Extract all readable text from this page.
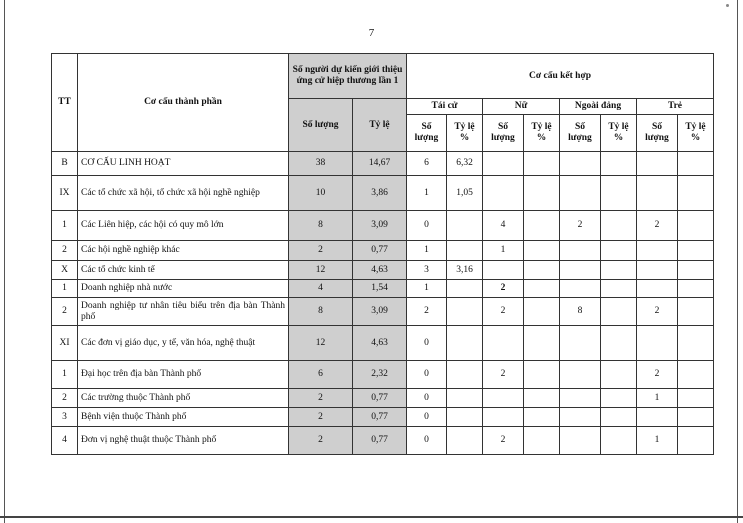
7
TT	Cơ cấu thành phần	Số người dự kiến giới thiệu ứng cử hiệp thương lần 1		Cơ cấu kết hợp							
		Số lượng	Tỷ lệ	Tái cử		Nữ		Ngoài đảng		Trẻ	
				Số lượng	Tỷ lệ %	Số lượng	Tỷ lệ %	Số lượng	Tỷ lệ %	Số lượng	Tỷ lệ %
B	CƠ CẤU LINH HOẠT	38	14,67	6	6,32						
IX	Các tổ chức xã hội, tổ chức xã hội nghề nghiệp	10	3,86	1	1,05						
1	Các Liên hiệp, các hội có quy mô lớn	8	3,09	0		4		2		2	
2	Các hội nghề nghiệp khác	2	0,77	1		1					
X	Các tổ chức kinh tế	12	4,63	3	3,16						
1	Doanh nghiệp nhà nước	4	1,54	1		2					
2	Doanh nghiệp tư nhân tiêu biểu trên địa bàn Thành phố	8	3,09	2		2		8		2	
XI	Các đơn vị giáo dục, y tế, văn hóa, nghệ thuật	12	4,63	0							
1	Đại học trên địa bàn Thành phố	6	2,32	0		2				2	
2	Các trường thuộc Thành phố	2	0,77	0						1	
3	Bệnh viện thuộc Thành phố	2	0,77	0							
4	Đơn vị nghệ thuật thuộc Thành phố	2	0,77	0		2				1	
